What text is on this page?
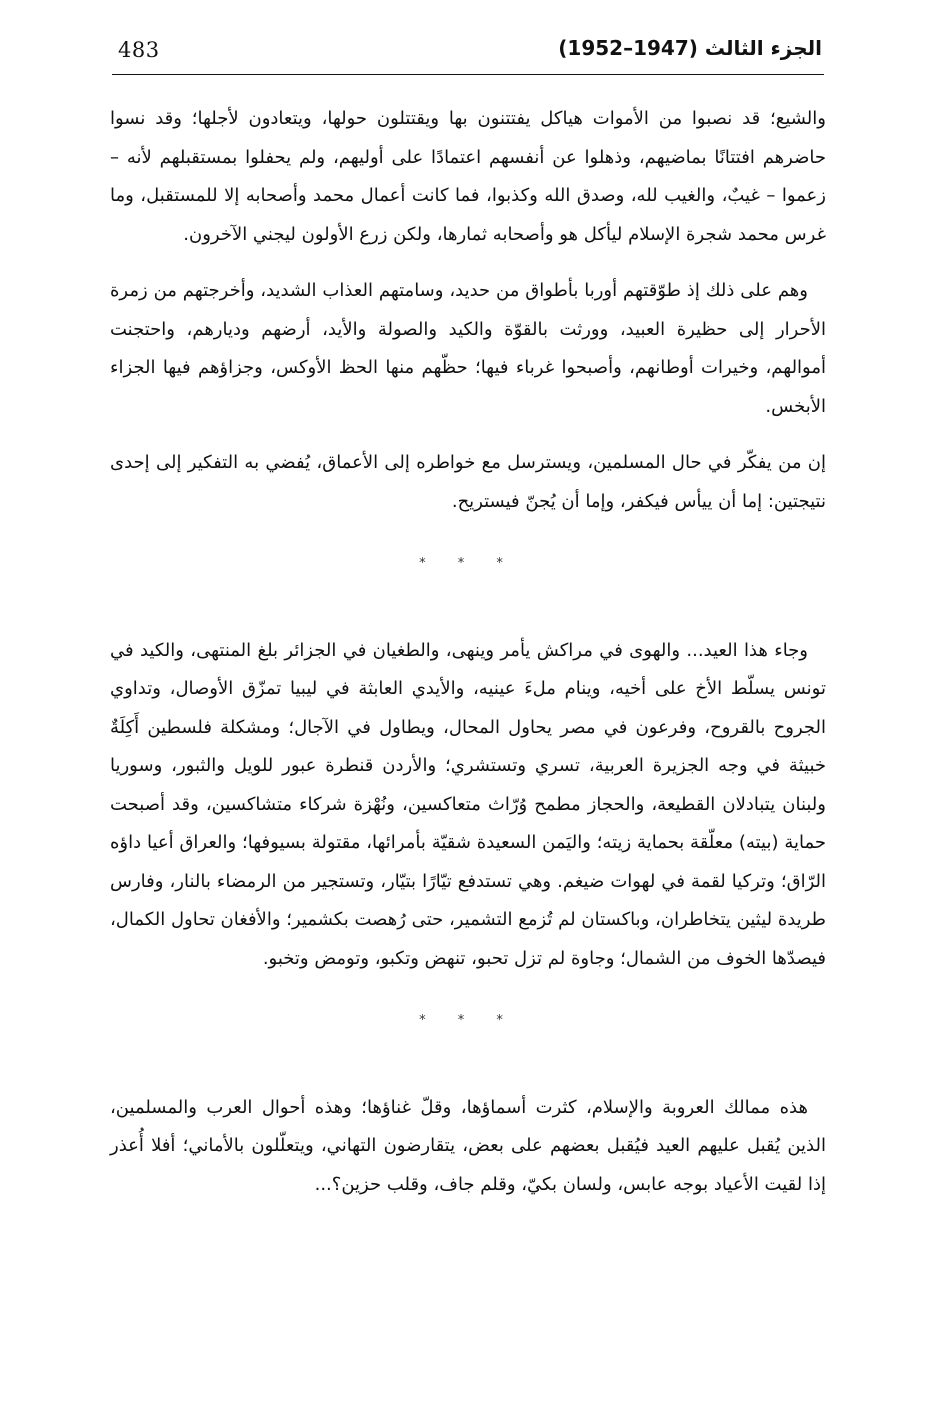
483	الجزء الثالث (1947–1952)

والشيع؛ قد نصبوا من الأموات هياكل يفتتنون بها ويقتتلون حولها، ويتعادون لأجلها؛ وقد نسوا حاضرهم افتتانًا بماضيهم، وذهلوا عن أنفسهم اعتمادًا على أوليهم، ولم يحفلوا بمستقبلهم لأنه – زعموا – غيبٌ، والغيب لله، وصدق الله وكذبوا، فما كانت أعمال محمد وأصحابه إلا للمستقبل، وما غرس محمد شجرة الإسلام ليأكل هو وأصحابه ثمارها، ولكن زرع الأولون ليجني الآخرون.

وهم على ذلك إذ طوّقتهم أوربا بأطواق من حديد، وسامتهم العذاب الشديد، وأخرجتهم من زمرة الأحرار إلى حظيرة العبيد، وورثت بالقوّة والكيد والصولة والأيد، أرضهم وديارهم، واحتجنت أموالهم، وخيرات أوطانهم، وأصبحوا غرباء فيها؛ حظّهم منها الحظ الأوكس، وجزاؤهم فيها الجزاء الأبخس.

إن من يفكّر في حال المسلمين، ويسترسل مع خواطره إلى الأعماق، يُفضي به التفكير إلى إحدى نتيجتين: إما أن ييأس فيكفر، وإما أن يُجنّ فيستريح.

* * *

وجاء هذا العيد... والهوى في مراكش يأمر وينهى، والطغيان في الجزائر بلغ المنتهى، والكيد في تونس يسلّط الأخ على أخيه، وينام ملءَ عينيه، والأيدي العابثة في ليبيا تمزّق الأوصال، وتداوي الجروح بالقروح، وفرعون في مصر يحاول المحال، ويطاول في الآجال؛ ومشكلة فلسطين أَكِلَةٌ خبيثة في وجه الجزيرة العربية، تسري وتستشري؛ والأردن قنطرة عبور للويل والثبور، وسوريا ولبنان يتبادلان القطيعة، والحجاز مطمح وُرّاث متعاكسين، ونُهْزة شركاء متشاكسين، وقد أصبحت حماية (بيته) معلّقة بحماية زيته؛ واليَمن السعيدة شقيّة بأمرائها، مقتولة بسيوفها؛ والعراق أعيا داؤه الرّاق؛ وتركيا لقمة في لهوات ضيغم. وهي تستدفع تيّارًا بتيّار، وتستجير من الرمضاء بالنار، وفارس طريدة ليثين يتخاطران، وباكستان لم تُزمع التشمير، حتى رُهصت بكشمير؛ والأفغان تحاول الكمال، فيصدّها الخوف من الشمال؛ وجاوة لم تزل تحبو، تنهض وتكبو، وتومض وتخبو.

* * *

هذه ممالك العروبة والإسلام، كثرت أسماؤها، وقلّ غناؤها؛ وهذه أحوال العرب والمسلمين، الذين يُقبل عليهم العيد فيُقبل بعضهم على بعض، يتقارضون التهاني، ويتعلّلون بالأماني؛ أفلا أُعذر إذا لقيت الأعياد بوجه عابس، ولسان بكيّ، وقلم جاف، وقلب حزين؟...
